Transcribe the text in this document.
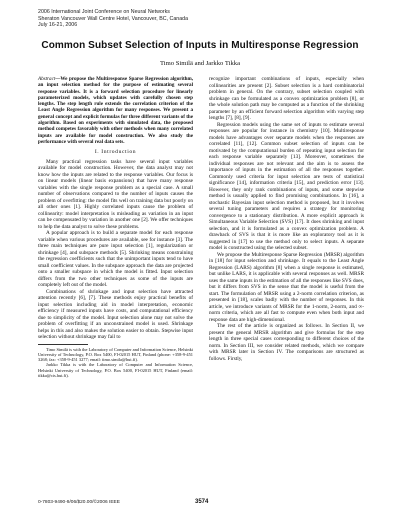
2006 International Joint Conference on Neural Networks
Sheraton Vancouver Wall Centre Hotel, Vancouver, BC, Canada
July 16-21, 2006
Common Subset Selection of Inputs in Multiresponse Regression
Timo Similä and Jarkko Tikka

Abstract—We propose the Multiresponse Sparse Regression algorithm, an input selection method for the purpose of estimating several response variables. It is a forward selection procedure for linearly parameterized models, which updates with carefully chosen step lengths. The step length rule extends the correlation criterion of the Least Angle Regression algorithm for many responses. We present a general concept and explicit formulas for three different variants of the algorithm. Based on experiments with simulated data, the proposed method competes favorably with other methods when many correlated inputs are available for model construction. We also study the performance with several real data sets.

I. Introduction

Many practical regression tasks have several input variables available for model construction. However, the data analyst may not know how the inputs are related to the response variables. Our focus is on linear models (linear basis expansions) that have many response variables with the single response problem as a special case. A small number of observations compared to the number of inputs causes the problem of overfitting: the model fits well on training data but poorly on all other ones [1]. Highly correlated inputs cause the problem of collinearity: model interpretation is misleading as variation in an input can be compensated by variation in another one [2]. We offer techniques to help the data analyst to solve these problems.

A popular approach is to build a separate model for each response variable when various procedures are available, see for instance [3]. The three main techniques are pure input selection [1], regularization or shrinkage [4], and subspace methods [5]. Shrinking means constraining the regression coefficients such that the unimportant inputs tend to have small coefficient values. In the subspace approach the data are projected onto a smaller subspace in which the model is fitted. Input selection differs from the two other techniques as some of the inputs are completely left out of the model.

Combinations of shrinkage and input selection have attracted attention recently [6], [7]. These methods enjoy practical benefits of input selection including aid in model interpretation, economic efficiency if measured inputs have costs, and computational efficiency due to simplicity of the model. Input selection alone may not solve the problem of overfitting if an unconstrained model is used. Shrinkage helps in this and also makes the solution easier to obtain. Stepwise input selection without shrinkage may fail to

Timo Similä is with the Laboratory of Computer and Information Science, Helsinki University of Technology, P.O. Box 5400, FI-02015 HUT, Finland (phone: +358-9-451 3268; fax: +358-9-451 3277; email: timo.simila@hut.fi).

Jarkko Tikka is with the Laboratory of Computer and Information Science, Helsinki University of Technology, P.O. Box 5400, FI-02015 HUT, Finland (email: tikka@cis.hut.fi).

recognize important combinations of inputs, especially when collinearities are present [2]. Subset selection is a hard combinatorial problem in general. On the contrary, subset selection coupled with shrinkage can be formulated as a convex optimization problem [8], or the whole solution path may be computed as a function of the shrinking parameter by an efficient forward selection algorithm with varying step lengths [7], [8], [9].

Regression models using the same set of inputs to estimate several responses are popular for instance in chemistry [10]. Multiresponse models have advantages over separate models when the responses are correlated [11], [12]. Common subset selection of inputs can be motivated by the computational burden of repeating input selection for each response variable separately [13]. Moreover, sometimes the individual responses are not relevant and the aim is to assess the importance of inputs in the estimation of all the responses together. Commonly used criteria for input selection are tests of statistical significance [14], information criteria [15], and prediction error [13]. However, they only rank combinations of inputs, and some stepwise method is usually applied to find promising combinations. In [16], a stochastic Bayesian input selection method is proposed, but it involves several tuning parameters and requires a strategy for monitoring convergence to a stationary distribution. A more explicit approach is Simultaneous Variable Selection (SVS) [17]. It does shrinking and input selection, and it is formulated as a convex optimization problem. A drawback of SVS is that it is more like an exploratory tool as it is suggested in [17] to use the method only to select inputs. A separate model is constructed using the selected subset.

We propose the Multiresponse Sparse Regression (MRSR) algorithm in [18] for input selection and shrinkage. It equals to the Least Angle Regression (LARS) algorithm [8] when a single response is estimated, but unlike LARS, it is applicable with several responses as well. MRSR uses the same inputs in the estimation of all the responses like SVS does, but it differs from SVS in the sense that the model is useful from the start. The formulation of MRSR using a 2-norm correlation criterion, as presented in [18], scales badly with the number of responses. In this article, we introduce variants of MRSR for the 1-norm, 2-norm, and ∞-norm criteria, which are all fast to compute even when both input and response data are high-dimensional.

The rest of the article is organized as follows. In Section II, we present the general MRSR algorithm and give formulas for the step length in three special cases corresponding to different choices of the norm. In Section III, we consider related methods, which we compare with MRSR later in Section IV. The comparisons are structured as follows. Firstly,

0-7803-9490-9/06/$20.00/©2006 IEEE	3574
